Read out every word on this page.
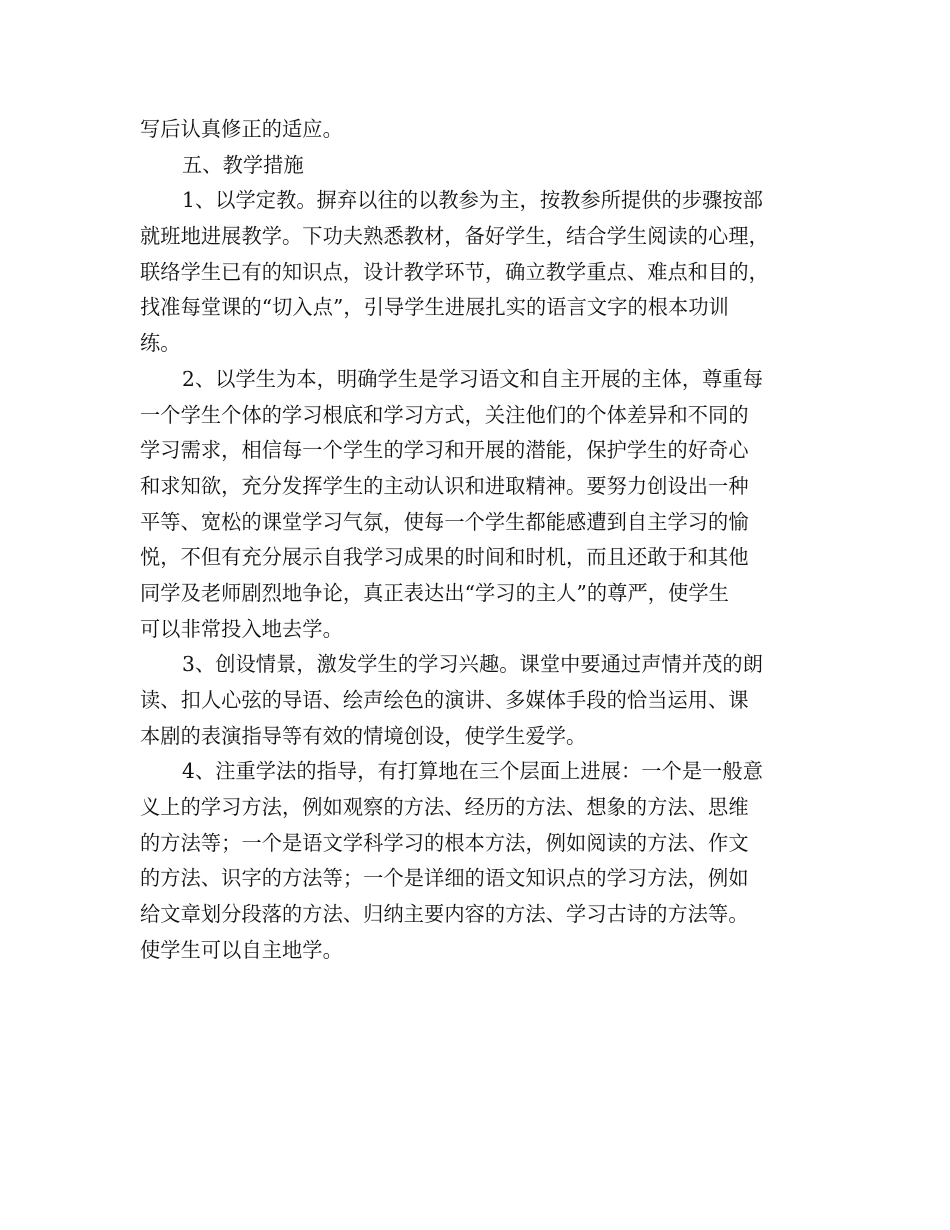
写后认真修正的适应。
五、教学措施
1、以学定教。摒弃以往的以教参为主，按教参所提供的步骤按部
就班地进展教学。下功夫熟悉教材，备好学生，结合学生阅读的心理，
联络学生已有的知识点，设计教学环节，确立教学重点、难点和目的，
找准每堂课的“切入点”，引导学生进展扎实的语言文字的根本功训
练。
2、以学生为本，明确学生是学习语文和自主开展的主体，尊重每
一个学生个体的学习根底和学习方式，关注他们的个体差异和不同的
学习需求，相信每一个学生的学习和开展的潜能，保护学生的好奇心
和求知欲，充分发挥学生的主动认识和进取精神。要努力创设出一种
平等、宽松的课堂学习气氛，使每一个学生都能感遭到自主学习的愉
悦，不但有充分展示自我学习成果的时间和时机，而且还敢于和其他
同学及老师剧烈地争论，真正表达出“学习的主人”的尊严，使学生
可以非常投入地去学。
3、创设情景，激发学生的学习兴趣。课堂中要通过声情并茂的朗
读、扣人心弦的导语、绘声绘色的演讲、多媒体手段的恰当运用、课
本剧的表演指导等有效的情境创设，使学生爱学。
4、注重学法的指导，有打算地在三个层面上进展：一个是一般意
义上的学习方法，例如观察的方法、经历的方法、想象的方法、思维
的方法等；一个是语文学科学习的根本方法，例如阅读的方法、作文
的方法、识字的方法等；一个是详细的语文知识点的学习方法，例如
给文章划分段落的方法、归纳主要内容的方法、学习古诗的方法等。
使学生可以自主地学。
